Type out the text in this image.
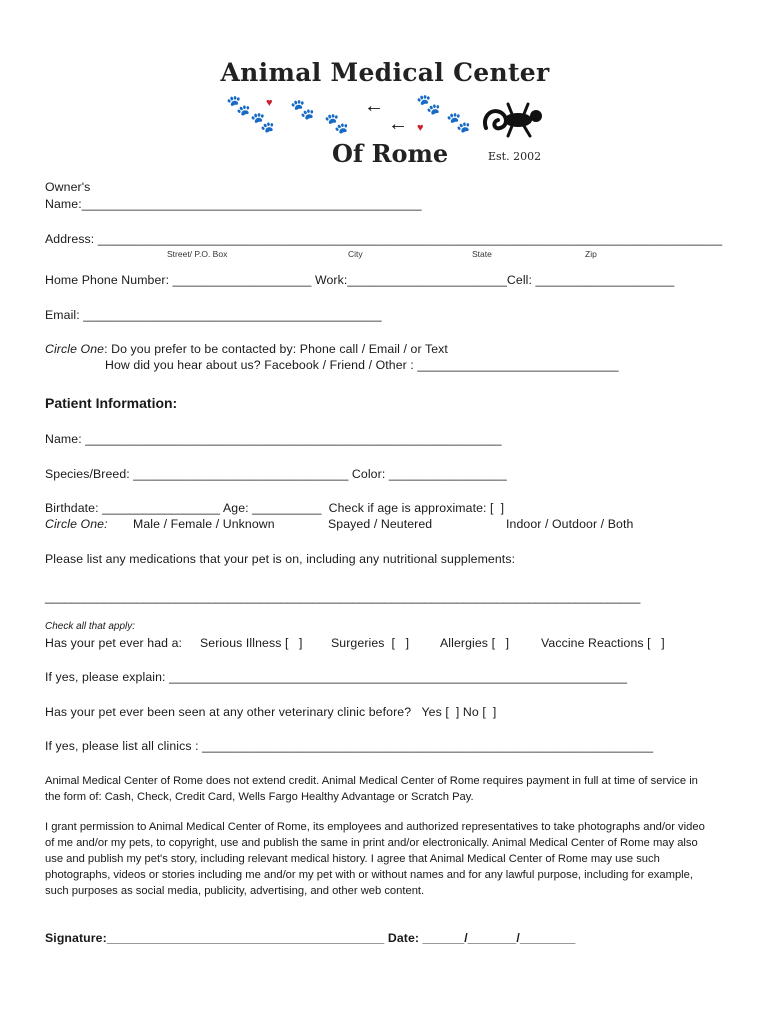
Animal Medical Center
🐾 ♥
🐾
🐾
🐾
←
← ♥
🐾
🐾
Of Rome	Est. 2002
Owner's
Name:_________________________________________________
Address: __________________________________________________________________________________________
Street/ P.O. Box	City	State	Zip
Home Phone Number: ____________________ Work:_______________________Cell: ____________________
Email: ___________________________________________
Circle One: Do you prefer to be contacted by: Phone call / Email / or Text
How did you hear about us? Facebook / Friend / Other : _____________________________
Patient Information:
Name: ____________________________________________________________
Species/Breed: _______________________________ Color: _________________
Birthdate: _________________ Age: __________  Check if age is approximate: [  ]
Circle One: Male / Female / Unknown	Spayed / Neutered	Indoor / Outdoor / Both
Please list any medications that your pet is on, including any nutritional supplements:
___________________________________________________________________________________________
Check all that apply:
Has your pet ever had a: Serious Illness [   ] Surgeries  [   ]	Allergies [   ]	Vaccine Reactions [   ]
If yes, please explain: __________________________________________________________________
Has your pet ever been seen at any other veterinary clinic before?   Yes [  ] No [  ]
If yes, please list all clinics : _________________________________________________________________
Animal Medical Center of Rome does not extend credit. Animal Medical Center of Rome requires payment in full at time of service in the form of: Cash, Check, Credit Card, Wells Fargo Healthy Advantage or Scratch Pay.
I grant permission to Animal Medical Center of Rome, its employees and authorized representatives to take photographs and/or video of me and/or my pets, to copyright, use and publish the same in print and/or electronically. Animal Medical Center of Rome may also use and publish my pet's story, including relevant medical history. I agree that Animal Medical Center of Rome may use such photographs, videos or stories including me and/or my pet with or without names and for any lawful purpose, including for example, such purposes as social media, publicity, advertising, and other web content.
Signature:________________________________________ Date: ______/_______/________
